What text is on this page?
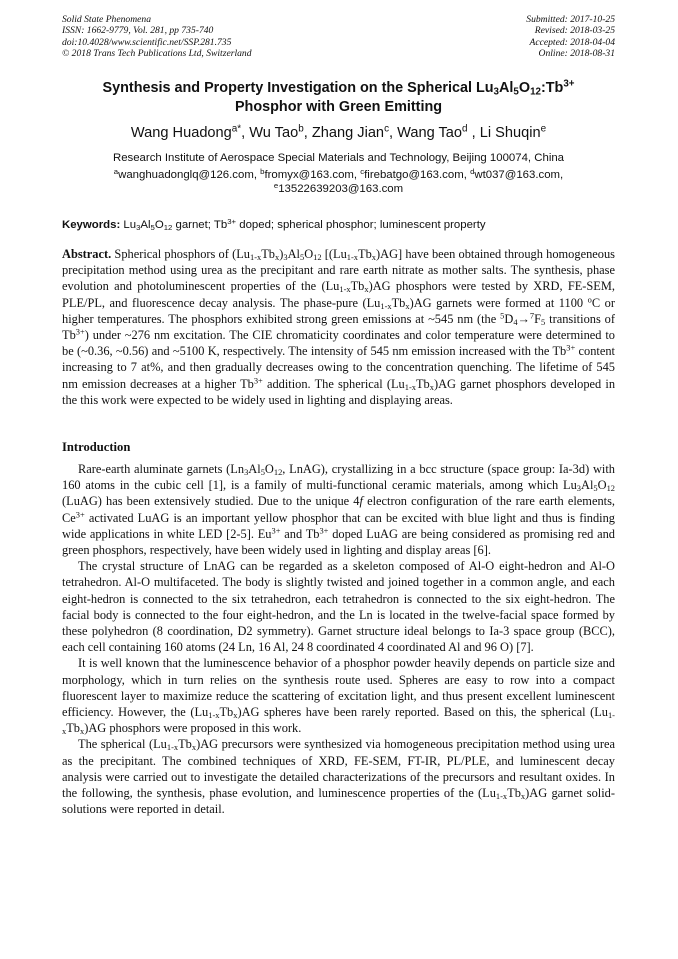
Solid State Phenomena
ISSN: 1662-9779, Vol. 281, pp 735-740
doi:10.4028/www.scientific.net/SSP.281.735
© 2018 Trans Tech Publications Ltd, Switzerland
Submitted: 2017-10-25
Revised: 2018-03-25
Accepted: 2018-04-04
Online: 2018-08-31
Synthesis and Property Investigation on the Spherical $Lu_3Al_5O_{12}:Tb^{3+}$
Phosphor with Green Emitting
Wang Huadong$^{a*}$, Wu Tao$^b$, Zhang Jian$^c$, Wang Tao$^d$ , Li Shuqin$^e$
Research Institute of Aerospace Special Materials and Technology, Beijing 100074, China
$^a$wanghuadonglq@126.com, $^b$fromyx@163.com, $^c$firebatgo@163.com, $^d$wt037@163.com,
$^e$13522639203@163.com
Keywords: $Lu_3Al_5O_{12}$ garnet; $Tb^{3+}$ doped; spherical phosphor; luminescent property
Abstract. Spherical phosphors of $(Lu_{1-x}Tb_x)_3Al_5O_{12}$ $[(Lu_{1-x}Tb_x)AG]$ have been obtained through homogeneous precipitation method using urea as the precipitant and rare earth nitrate as mother salts. The synthesis, phase evolution and photoluminescent properties of the $(Lu_{1-x}Tb_x)AG$ phosphors were tested by XRD, FE-SEM, PLE/PL, and fluorescence decay analysis. The phase-pure $(Lu_{1-x}Tb_x)AG$ garnets were formed at 1100 $^o$C or higher temperatures. The phosphors exhibited strong green emissions at ~545 nm (the $^5D_4\to^7F_5$ transitions of $Tb^{3+}$) under ~276 nm excitation. The CIE chromaticity coordinates and color temperature were determined to be (~0.36, ~0.56) and ~5100 K, respectively. The intensity of 545 nm emission increased with the $Tb^{3+}$ content increasing to 7 at%, and then gradually decreases owing to the concentration quenching. The lifetime of 545 nm emission decreases at a higher $Tb^{3+}$ addition. The spherical $(Lu_{1-x}Tb_x)AG$ garnet phosphors developed in the this work were expected to be widely used in lighting and displaying areas.
Introduction

Rare-earth aluminate garnets ($Ln_3Al_5O_{12}$, LnAG), crystallizing in a bcc structure (space group: Ia-3d) with 160 atoms in the cubic cell [1], is a family of multi-functional ceramic materials, among which $Lu_3Al_5O_{12}$ (LuAG) has been extensively studied. Due to the unique 4f electron configuration of the rare earth elements, $Ce^{3+}$ activated LuAG is an important yellow phosphor that can be excited with blue light and thus is finding wide applications in white LED [2-5]. $Eu^{3+}$ and $Tb^{3+}$ doped LuAG are being considered as promising red and green phosphors, respectively, have been widely used in lighting and display areas [6].

The crystal structure of LnAG can be regarded as a skeleton composed of Al-O eight-hedron and Al-O tetrahedron. Al-O multifaceted. The body is slightly twisted and joined together in a common angle, and each eight-hedron is connected to the six tetrahedron, each tetrahedron is connected to the six eight-hedron. The facial body is connected to the four eight-hedron, and the Ln is located in the twelve-facial space formed by these polyhedron (8 coordination, D2 symmetry). Garnet structure ideal belongs to Ia-3 space group (BCC), each cell containing 160 atoms (24 Ln, 16 Al, 24 8 coordinated 4 coordinated Al and 96 O) [7].

It is well known that the luminescence behavior of a phosphor powder heavily depends on particle size and morphology, which in turn relies on the synthesis route used. Spheres are easy to row into a compact fluorescent layer to maximize reduce the scattering of excitation light, and thus present excellent luminescent efficiency. However, the $(Lu_{1-x}Tb_x)AG$ spheres have been rarely reported. Based on this, the spherical $(Lu_{1-x}Tb_x)AG$ phosphors were proposed in this work.

The spherical $(Lu_{1-x}Tb_x)AG$ precursors were synthesized via homogeneous precipitation method using urea as the precipitant. The combined techniques of XRD, FE-SEM, FT-IR, PL/PLE, and luminescent decay analysis were carried out to investigate the detailed characterizations of the precursors and resultant oxides. In the following, the synthesis, phase evolution, and luminescence properties of the $(Lu_{1-x}Tb_x)AG$ garnet solid-solutions were reported in detail.
